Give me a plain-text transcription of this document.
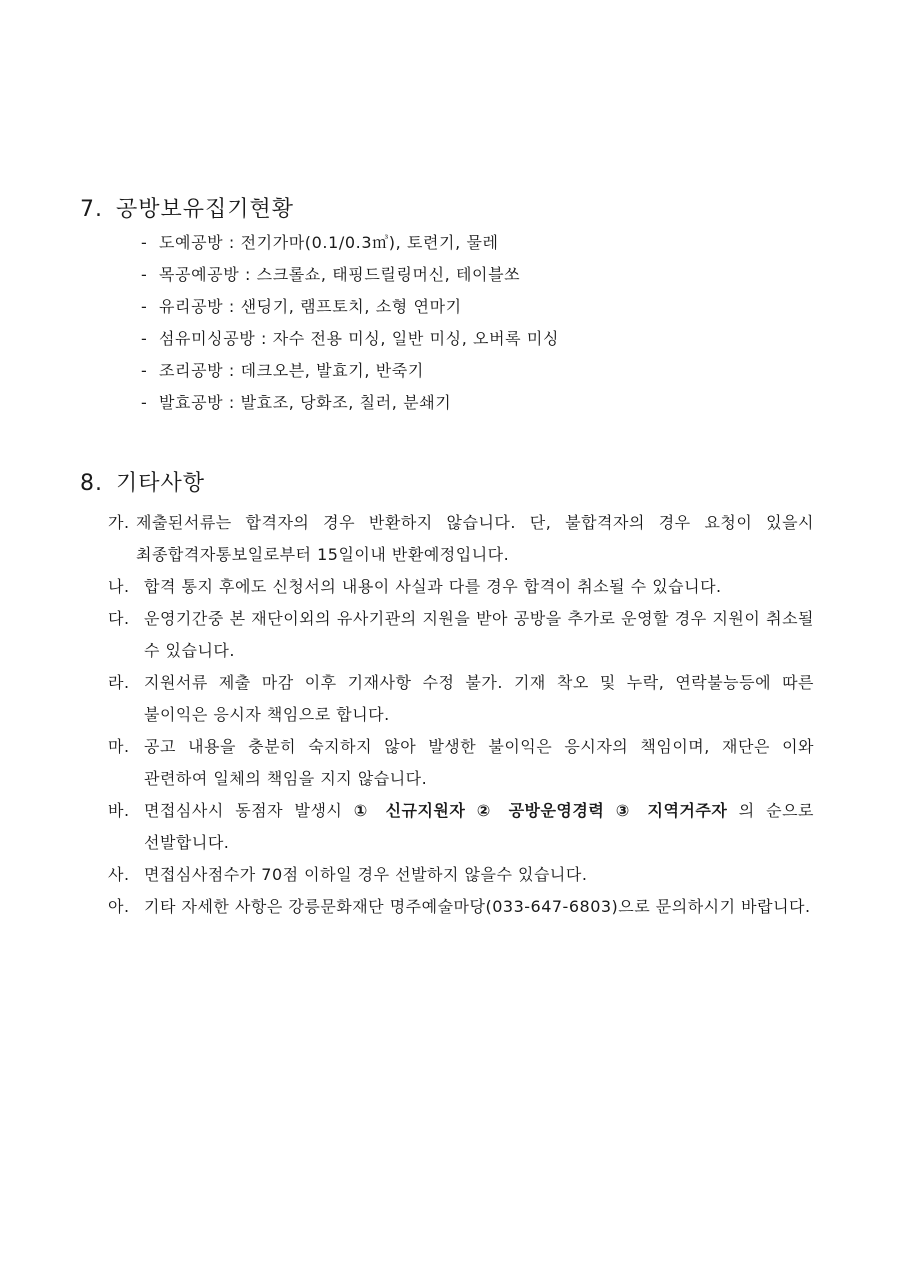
7. 공방보유집기현황
- 도예공방 : 전기가마(0.1/0.3㎥), 토련기, 물레
- 목공예공방 : 스크롤쇼, 태핑드릴링머신, 테이블쏘
- 유리공방 : 샌딩기, 램프토치, 소형 연마기
- 섬유미싱공방 : 자수 전용 미싱, 일반 미싱, 오버록 미싱
- 조리공방 : 데크오븐, 발효기, 반죽기
- 발효공방 : 발효조, 당화조, 칠러, 분쇄기
8. 기타사항
가. 제출된서류는 합격자의 경우 반환하지 않습니다. 단, 불합격자의 경우 요청이 있을시 최종합격자통보일로부터 15일이내 반환예정입니다.
나. 합격 통지 후에도 신청서의 내용이 사실과 다를 경우 합격이 취소될 수 있습니다.
다. 운영기간중 본 재단이외의 유사기관의 지원을 받아 공방을 추가로 운영할 경우 지원이 취소될 수 있습니다.
라. 지원서류 제출 마감 이후 기재사항 수정 불가. 기재 착오 및 누락, 연락불능등에 따른 불이익은 응시자 책임으로 합니다.
마. 공고 내용을 충분히 숙지하지 않아 발생한 불이익은 응시자의 책임이며, 재단은 이와 관련하여 일체의 책임을 지지 않습니다.
바. 면접심사시 동점자 발생시 ① 신규지원자 ② 공방운영경력 ③ 지역거주자 의 순으로 선발합니다.
사. 면접심사점수가 70점 이하일 경우 선발하지 않을수 있습니다.
아. 기타 자세한 사항은 강릉문화재단 명주예술마당(033-647-6803)으로 문의하시기 바랍니다.
